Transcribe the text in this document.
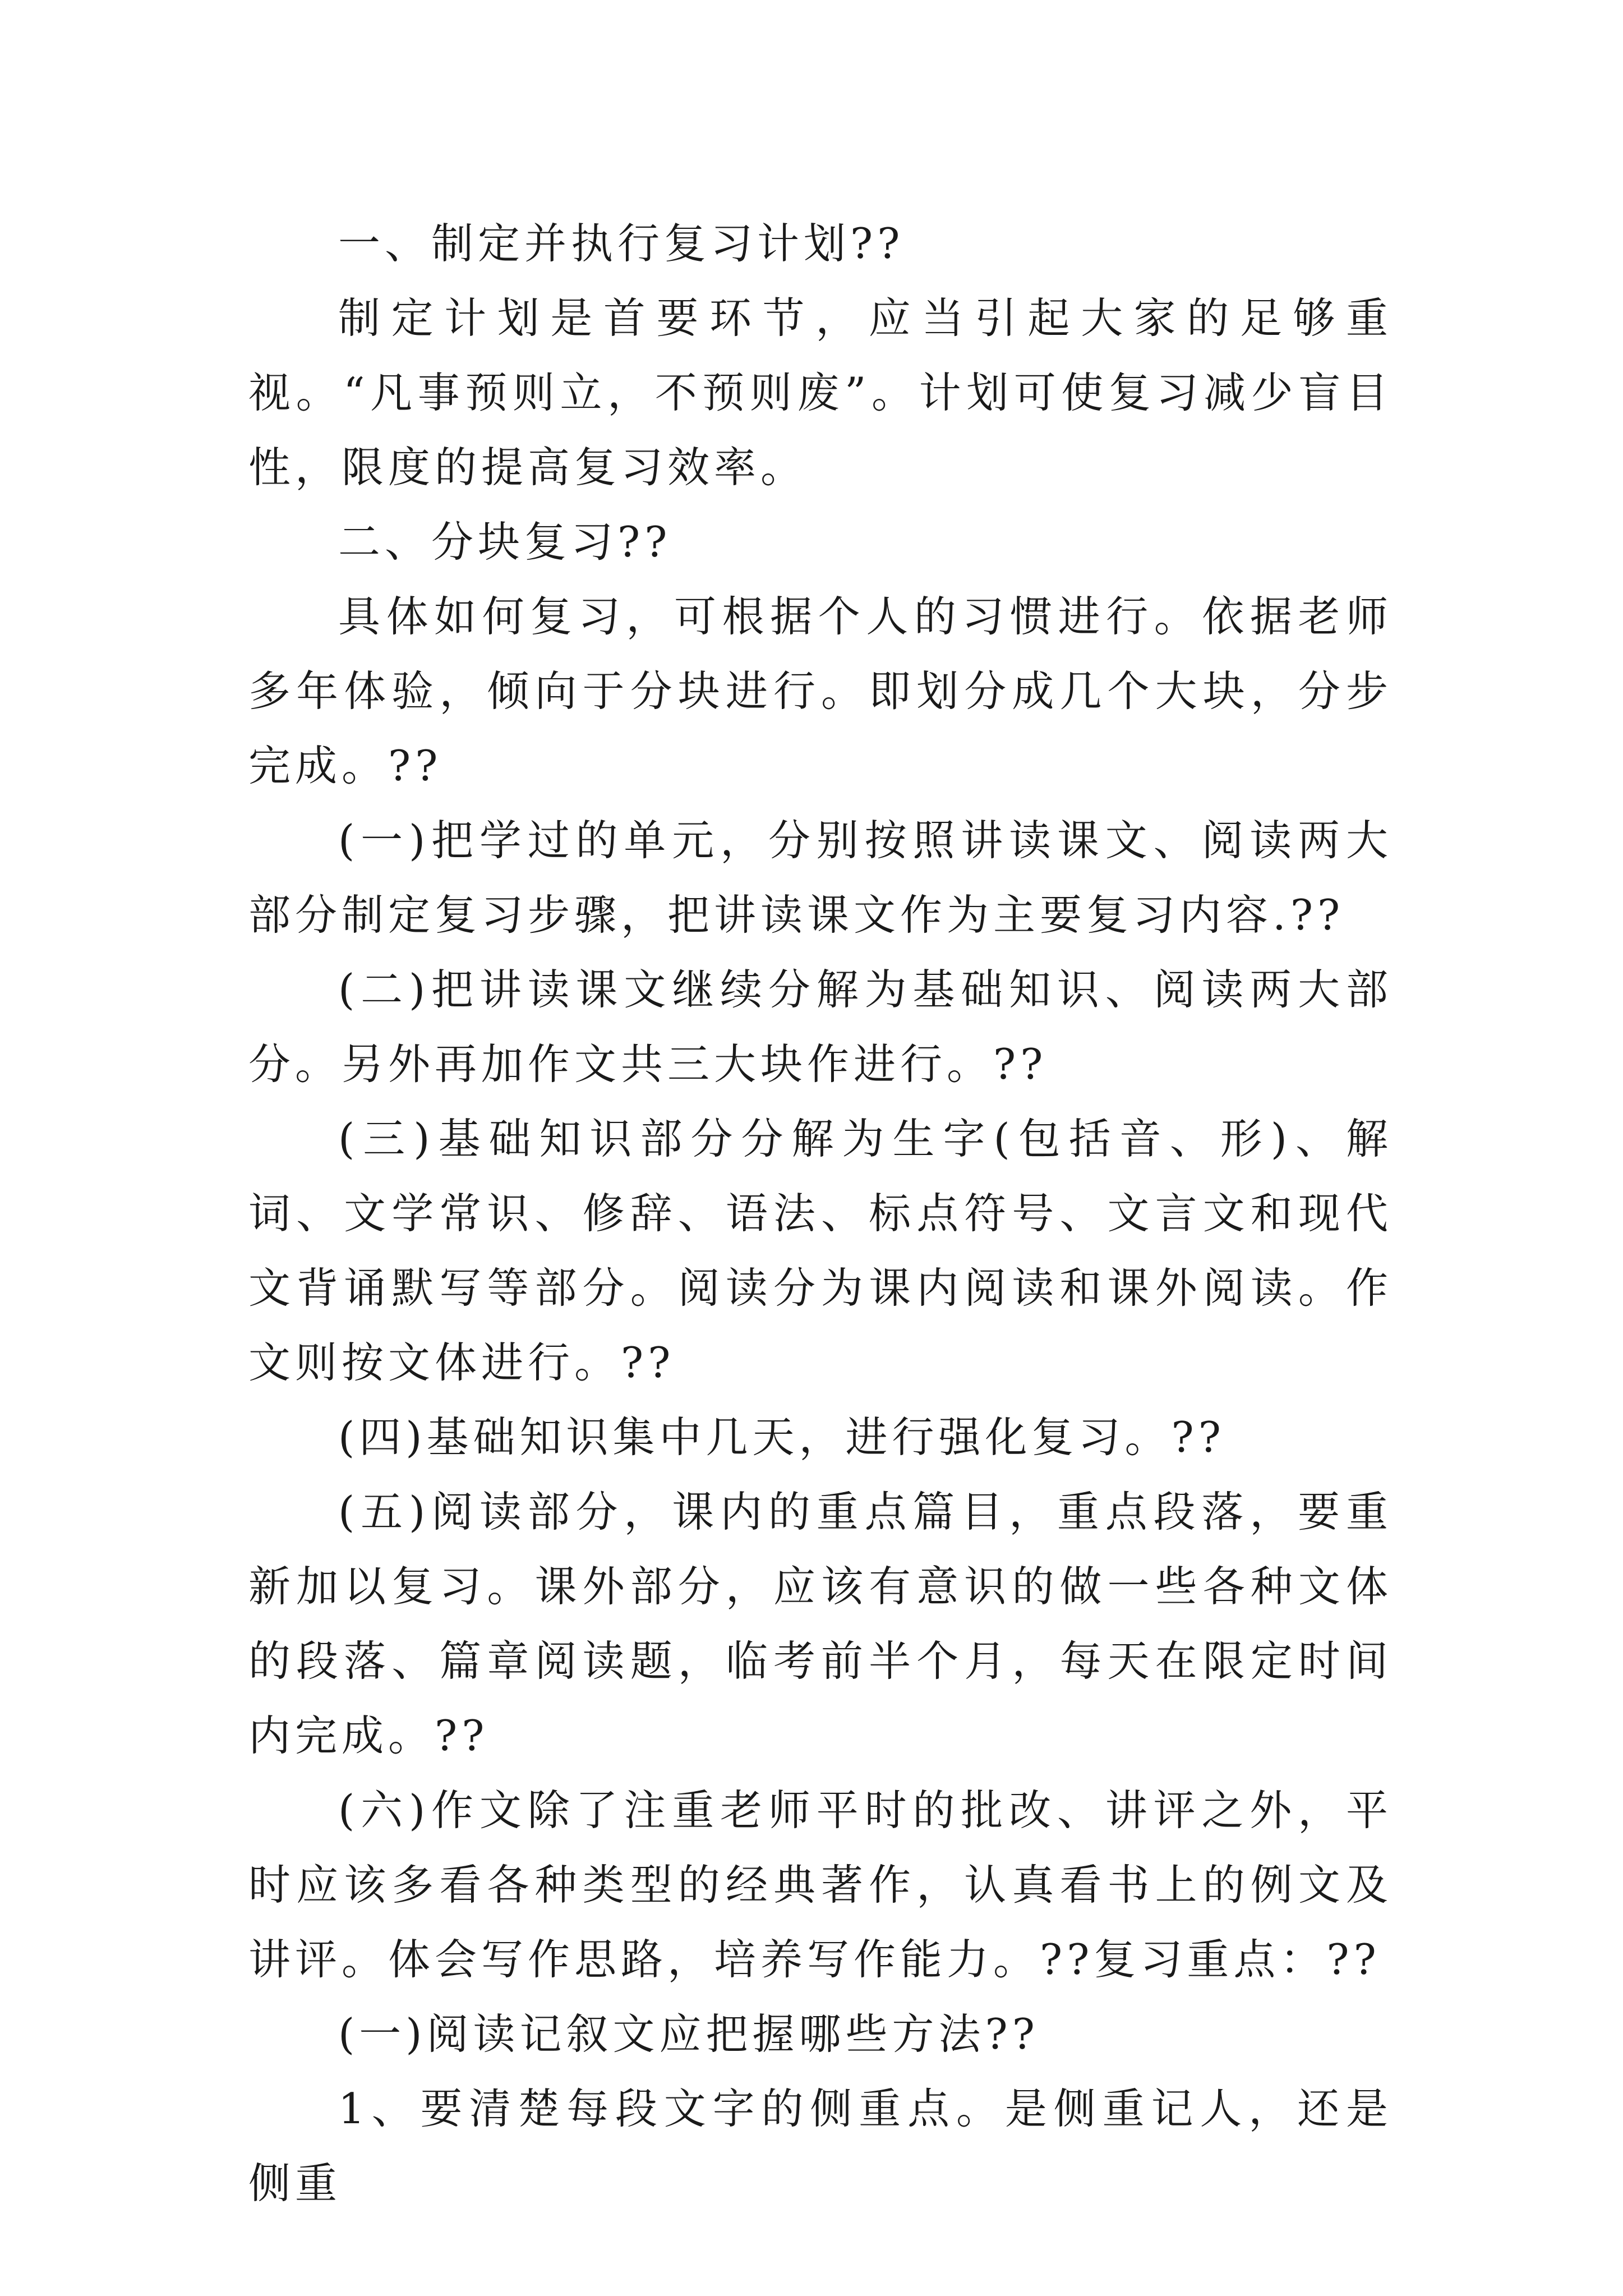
一、制定并执行复习计划??

制定计划是首要环节，应当引起大家的足够重视。“凡事预则立，不预则废”。计划可使复习减少盲目性，限度的提高复习效率。

二、分块复习??

具体如何复习，可根据个人的习惯进行。依据老师多年体验，倾向于分块进行。即划分成几个大块，分步完成。??

(一)把学过的单元，分别按照讲读课文、阅读两大部分制定复习步骤，把讲读课文作为主要复习内容.??

(二)把讲读课文继续分解为基础知识、阅读两大部分。另外再加作文共三大块作进行。??

(三)基础知识部分分解为生字(包括音、形)、解词、文学常识、修辞、语法、标点符号、文言文和现代文背诵默写等部分。阅读分为课内阅读和课外阅读。作文则按文体进行。??

(四)基础知识集中几天，进行强化复习。??

(五)阅读部分，课内的重点篇目，重点段落，要重新加以复习。课外部分，应该有意识的做一些各种文体的段落、篇章阅读题，临考前半个月，每天在限定时间内完成。??

(六)作文除了注重老师平时的批改、讲评之外，平时应该多看各种类型的经典著作，认真看书上的例文及讲评。体会写作思路，培养写作能力。??复习重点：??

(一)阅读记叙文应把握哪些方法??

1、要清楚每段文字的侧重点。是侧重记人，还是侧重
